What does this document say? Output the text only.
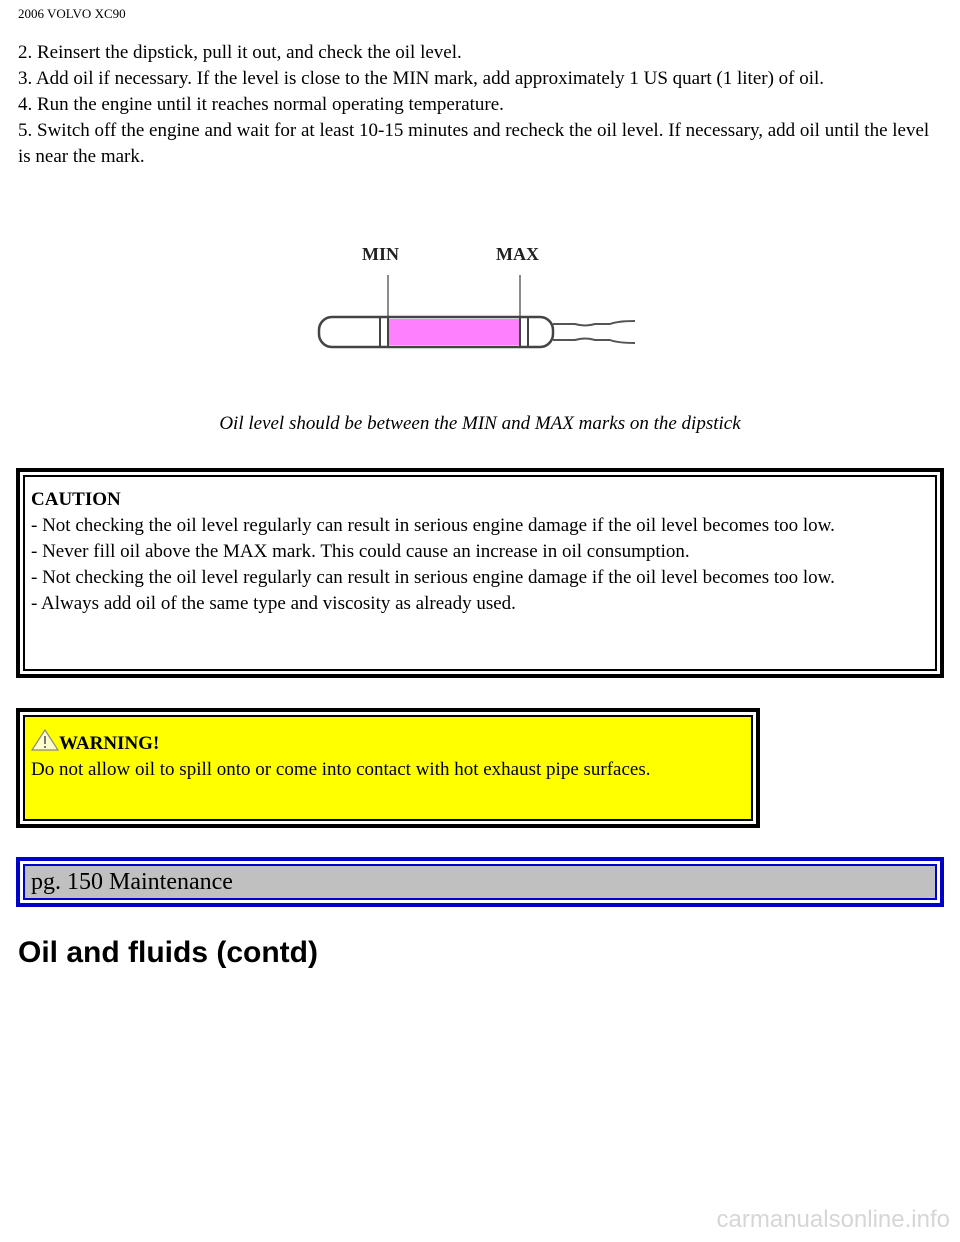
2006 VOLVO XC90

2. Reinsert the dipstick, pull it out, and check the oil level.

3. Add oil if necessary. If the level is close to the MIN mark, add approximately 1 US quart (1 liter) of oil.

4. Run the engine until it reaches normal operating temperature.

5. Switch off the engine and wait for at least 10-15 minutes and recheck the oil level. If necessary, add oil until the level is near the mark.

MIN	MAX
Oil level should be between the MIN and MAX marks on the dipstick
CAUTION
- Not checking the oil level regularly can result in serious engine damage if the oil level becomes too low.
- Never fill oil above the MAX mark. This could cause an increase in oil consumption.
- Not checking the oil level regularly can result in serious engine damage if the oil level becomes too low.
- Always add oil of the same type and viscosity as already used.
WARNING!
Do not allow oil to spill onto or come into contact with hot exhaust pipe surfaces.
pg. 150 Maintenance
Oil and fluids (contd)
carmanualsonline.info
